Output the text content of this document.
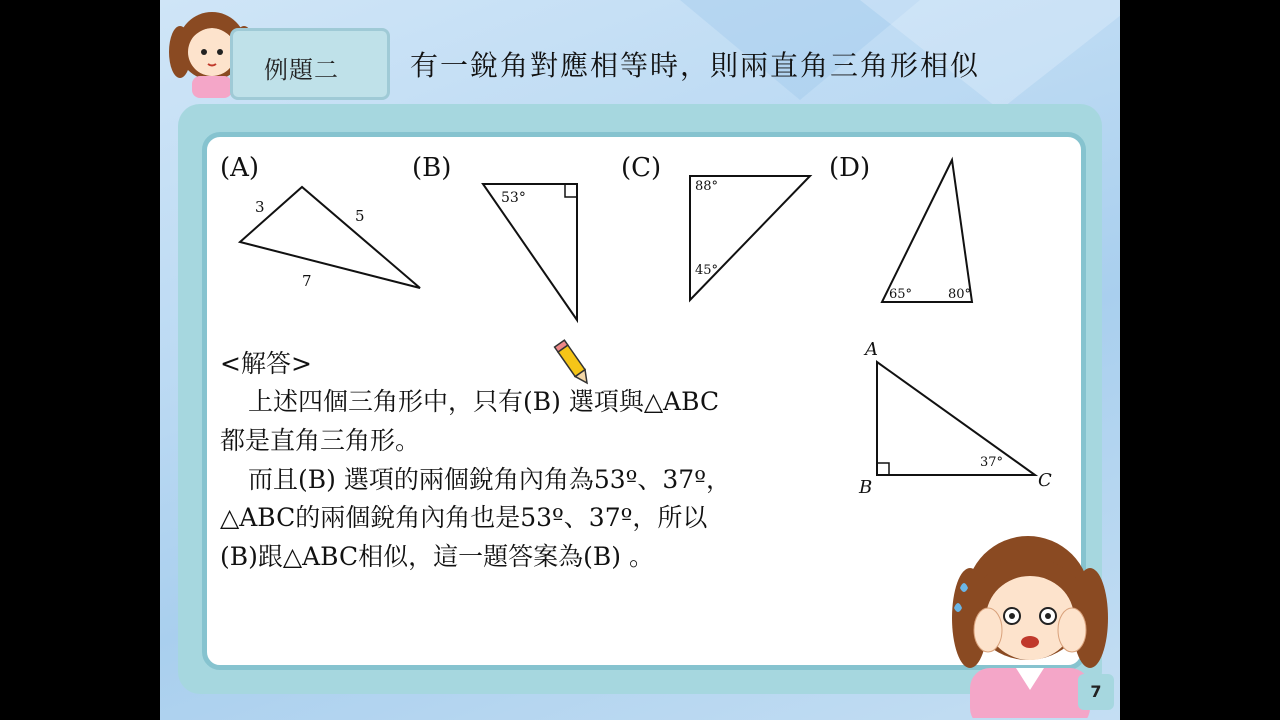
例題二	有一銳角對應相等時，則兩直角三角形相似
(A)	(B)	(C)	(D)
3	5
7
53°
88°
45°
65°	80°
A
B	C
37°
<解答>
上述四個三角形中，只有(B) 選項與△ABC
都是直角三角形。
而且(B) 選項的兩個銳角內角為53º、37º，
△ABC的兩個銳角內角也是53º、37º，所以
(B)跟△ABC相似，這一題答案為(B) 。
7
